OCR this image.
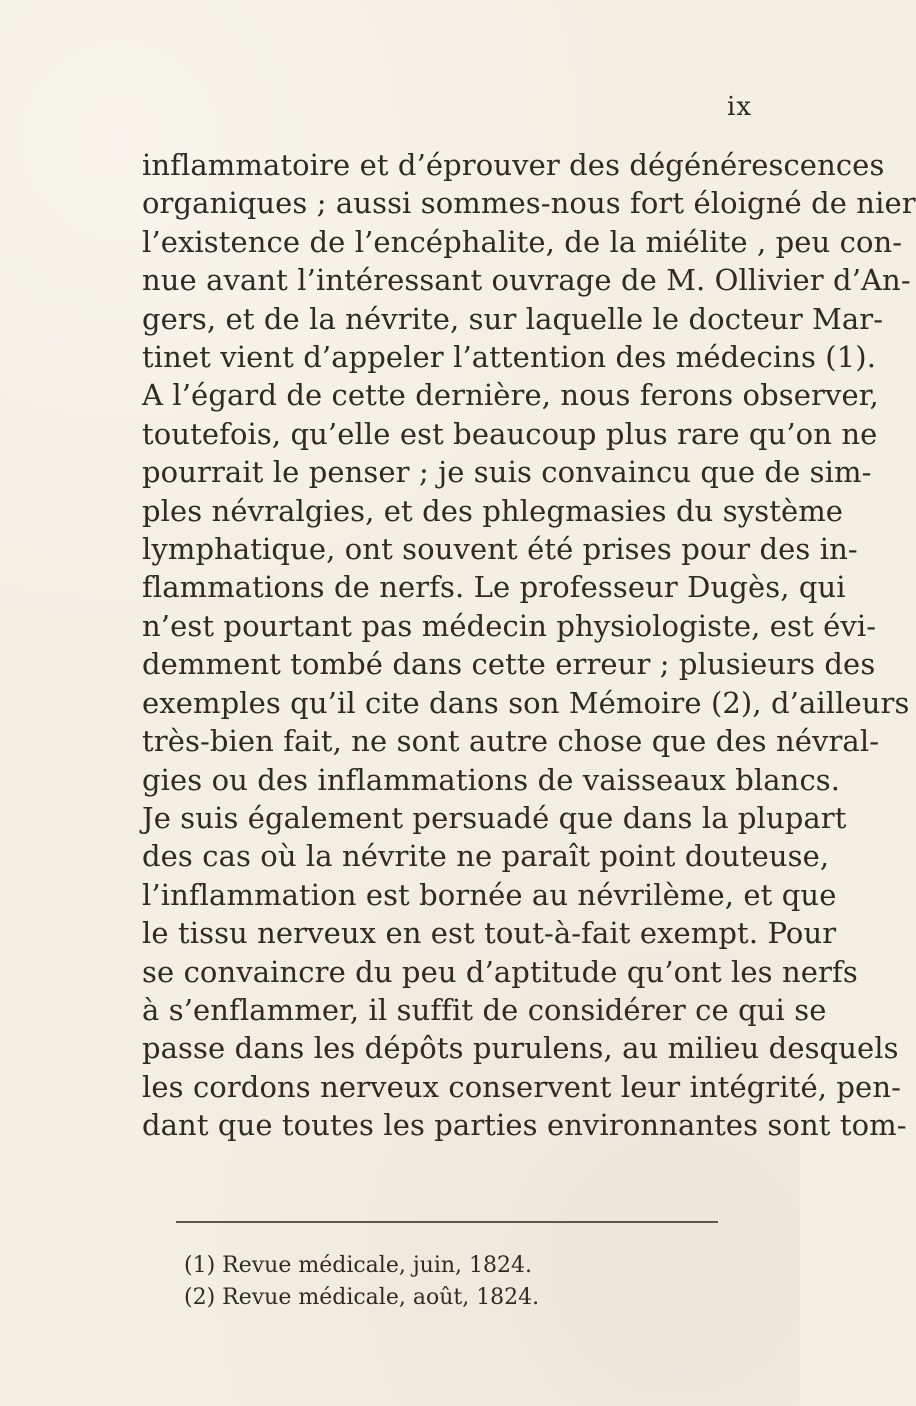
ix
inflammatoire et d’éprouver des dégénérescences
organiques ; aussi sommes-nous fort éloigné de nier
l’existence de l’encéphalite, de la miélite , peu con-
nue avant l’intéressant ouvrage de M. Ollivier d’An-
gers, et de la névrite, sur laquelle le docteur Mar-
tinet vient d’appeler l’attention des médecins (1).
A l’égard de cette dernière, nous ferons observer,
toutefois, qu’elle est beaucoup plus rare qu’on ne
pourrait le penser ; je suis convaincu que de sim-
ples névralgies, et des phlegmasies du système
lymphatique, ont souvent été prises pour des in-
flammations de nerfs. Le professeur Dugès, qui
n’est pourtant pas médecin physiologiste, est évi-
demment tombé dans cette erreur ; plusieurs des
exemples qu’il cite dans son Mémoire (2), d’ailleurs
très-bien fait, ne sont autre chose que des névral-
gies ou des inflammations de vaisseaux blancs.
Je suis également persuadé que dans la plupart
des cas où la névrite ne paraît point douteuse,
l’inflammation est bornée au névrilème, et que
le tissu nerveux en est tout-à-fait exempt. Pour
se convaincre du peu d’aptitude qu’ont les nerfs
à s’enflammer, il suffit de considérer ce qui se
passe dans les dépôts purulens, au milieu desquels
les cordons nerveux conservent leur intégrité, pen-
dant que toutes les parties environnantes sont tom-
(1) Revue médicale, juin, 1824.
(2) Revue médicale, août, 1824.
